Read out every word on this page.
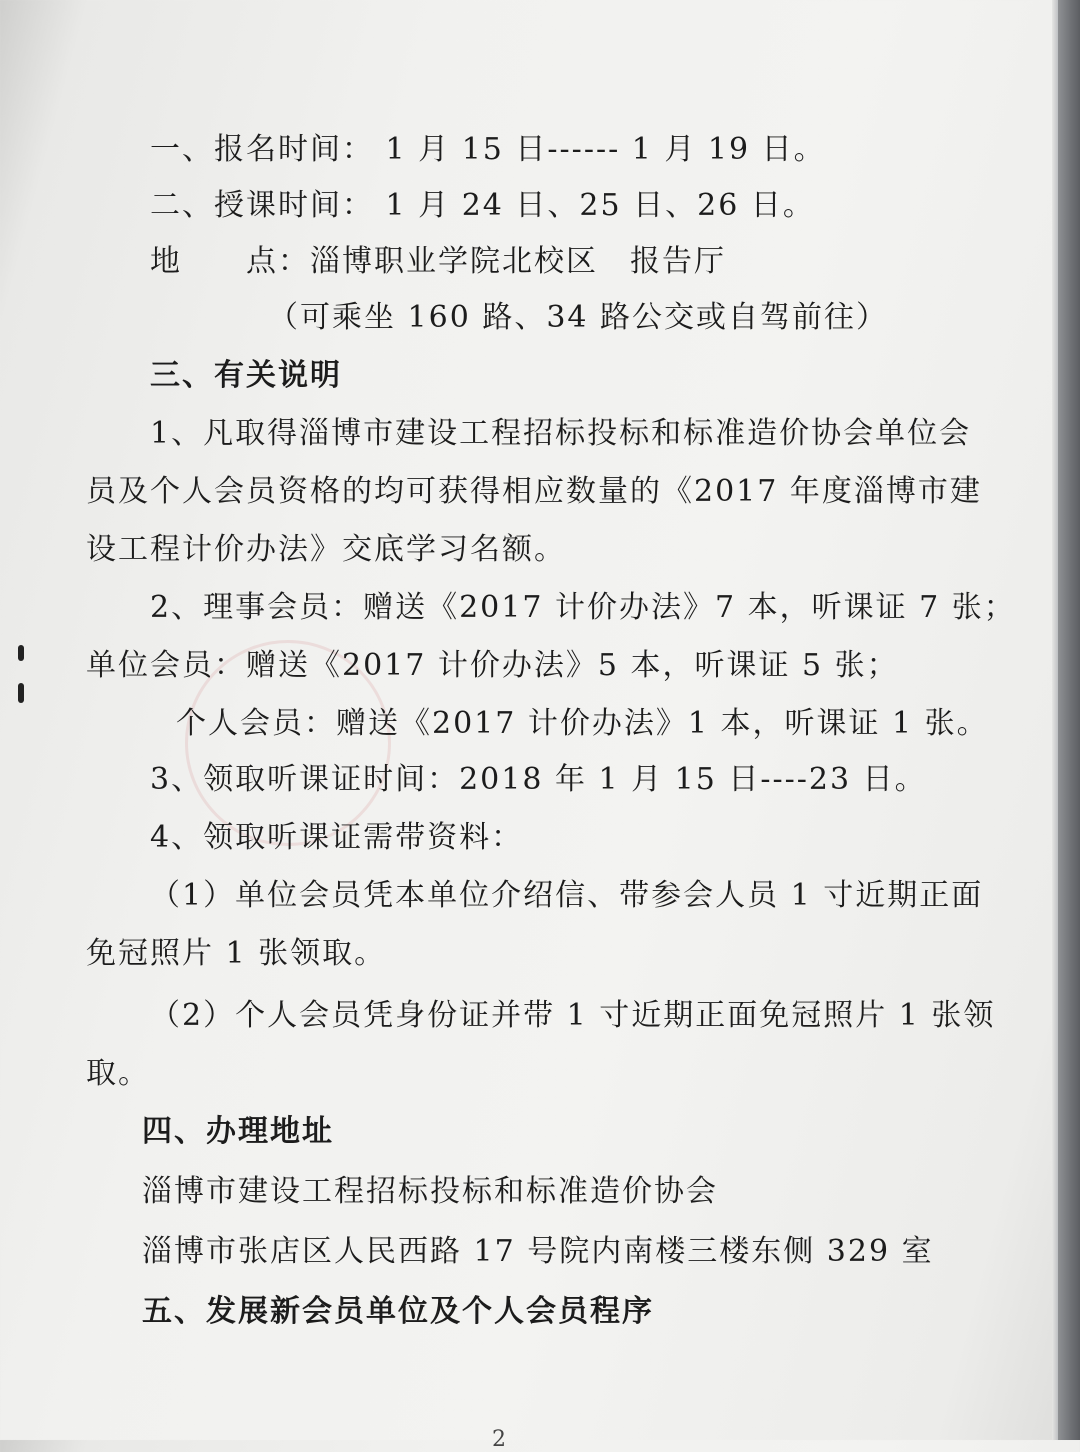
一、报名时间： 1 月 15 日------ 1 月 19 日。
二、授课时间： 1 月 24 日、25 日、26 日。
地　　点：淄博职业学院北校区　报告厅
（可乘坐 160 路、34 路公交或自驾前往）
三、有关说明
1、凡取得淄博市建设工程招标投标和标准造价协会单位会
员及个人会员资格的均可获得相应数量的《2017 年度淄博市建
设工程计价办法》交底学习名额。
2、理事会员：赠送《2017 计价办法》7 本，听课证 7 张；
单位会员：赠送《2017 计价办法》5 本，听课证 5 张；
个人会员：赠送《2017 计价办法》1 本，听课证 1 张。
3、领取听课证时间：2018 年 1 月 15 日----23 日。
4、领取听课证需带资料：
（1）单位会员凭本单位介绍信、带参会人员 1 寸近期正面
免冠照片 1 张领取。
（2）个人会员凭身份证并带 1 寸近期正面免冠照片 1 张领
取。
四、办理地址
淄博市建设工程招标投标和标准造价协会
淄博市张店区人民西路 17 号院内南楼三楼东侧 329 室
五、发展新会员单位及个人会员程序
2
